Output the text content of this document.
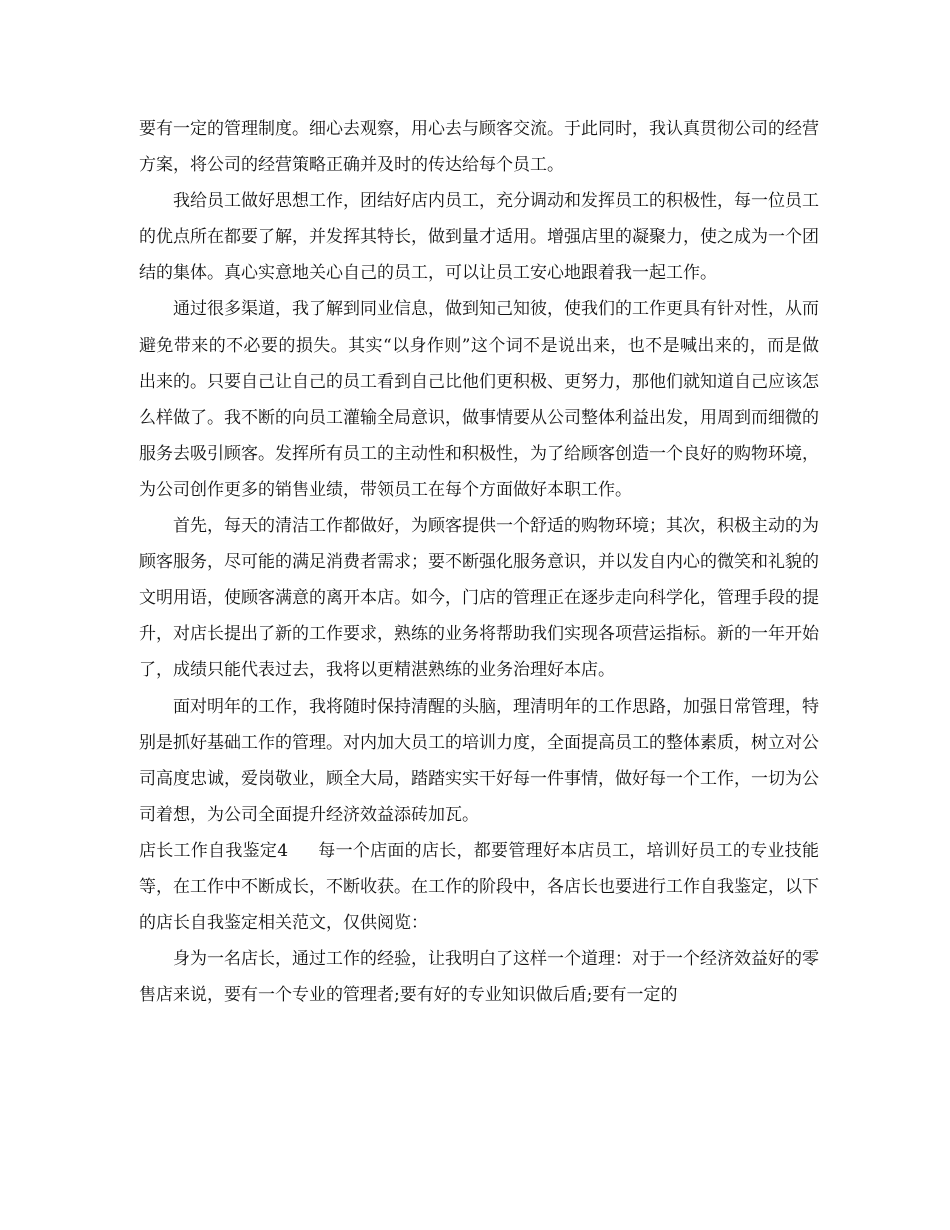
要有一定的管理制度。细心去观察，用心去与顾客交流。于此同时，我认真贯彻公司的经营方案，将公司的经营策略正确并及时的传达给每个员工。

我给员工做好思想工作，团结好店内员工，充分调动和发挥员工的积极性，每一位员工的优点所在都要了解，并发挥其特长，做到量才适用。增强店里的凝聚力，使之成为一个团结的集体。真心实意地关心自己的员工，可以让员工安心地跟着我一起工作。

通过很多渠道，我了解到同业信息，做到知己知彼，使我们的工作更具有针对性，从而避免带来的不必要的损失。其实“以身作则”这个词不是说出来，也不是喊出来的，而是做出来的。只要自己让自己的员工看到自己比他们更积极、更努力，那他们就知道自己应该怎么样做了。我不断的向员工灌输全局意识，做事情要从公司整体利益出发，用周到而细微的服务去吸引顾客。发挥所有员工的主动性和积极性，为了给顾客创造一个良好的购物环境，为公司创作更多的销售业绩，带领员工在每个方面做好本职工作。

首先，每天的清洁工作都做好，为顾客提供一个舒适的购物环境；其次，积极主动的为顾客服务，尽可能的满足消费者需求；要不断强化服务意识，并以发自内心的微笑和礼貌的文明用语，使顾客满意的离开本店。如今，门店的管理正在逐步走向科学化，管理手段的提升，对店长提出了新的工作要求，熟练的业务将帮助我们实现各项营运指标。新的一年开始了，成绩只能代表过去，我将以更精湛熟练的业务治理好本店。

面对明年的工作，我将随时保持清醒的头脑，理清明年的工作思路，加强日常管理，特别是抓好基础工作的管理。对内加大员工的培训力度，全面提高员工的整体素质，树立对公司高度忠诚，爱岗敬业，顾全大局，踏踏实实干好每一件事情，做好每一个工作，一切为公司着想，为公司全面提升经济效益添砖加瓦。

店长工作自我鉴定4 每一个店面的店长，都要管理好本店员工，培训好员工的专业技能等，在工作中不断成长，不断收获。在工作的阶段中，各店长也要进行工作自我鉴定，以下的店长自我鉴定相关范文，仅供阅览：

身为一名店长，通过工作的经验，让我明白了这样一个道理：对于一个经济效益好的零售店来说，要有一个专业的管理者;要有好的专业知识做后盾;要有一定的
